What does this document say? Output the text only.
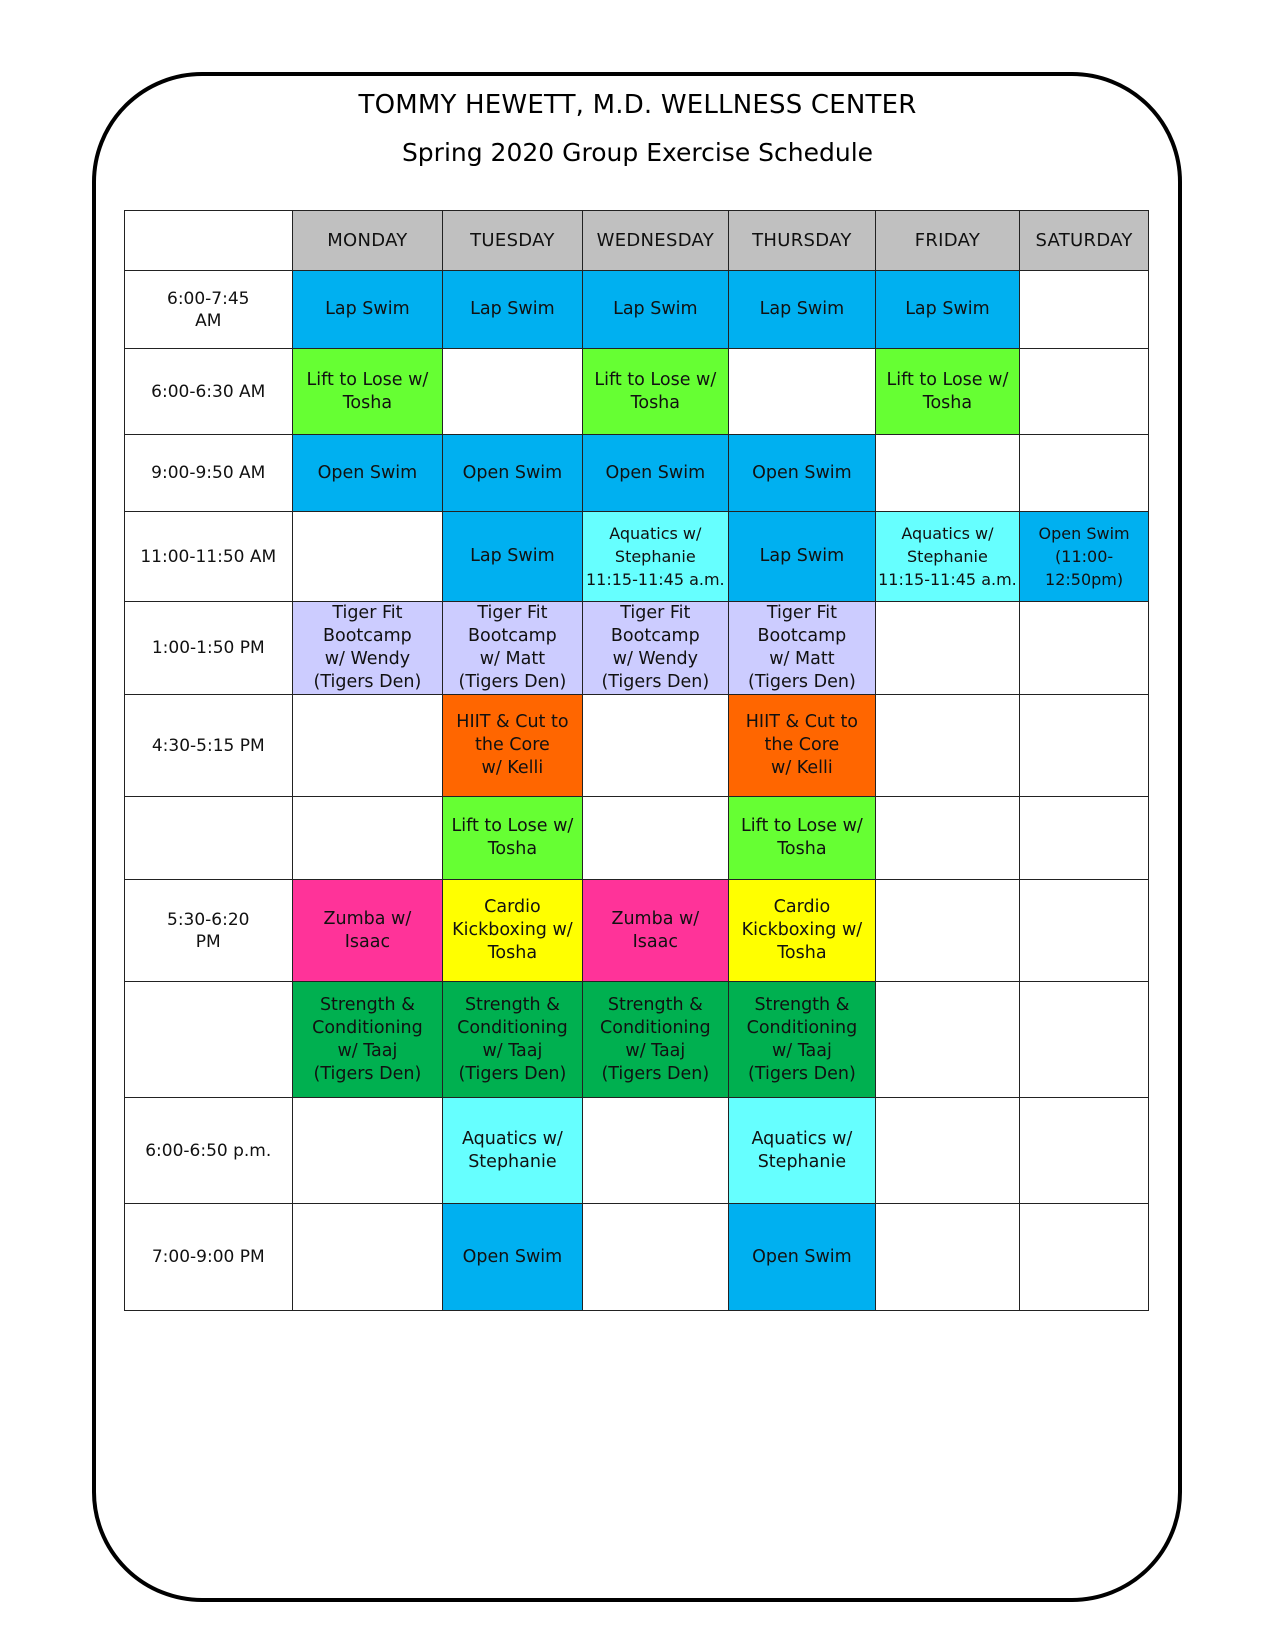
TOMMY HEWETT, M.D. WELLNESS CENTER
Spring 2020 Group Exercise Schedule
	MONDAY	TUESDAY	WEDNESDAY	THURSDAY	FRIDAY	SATURDAY

6:00-7:45
AM	Lap Swim	Lap Swim	Lap Swim	Lap Swim	Lap Swim	

6:00-6:30 AM	Lift to Lose w/
Tosha		Lift to Lose w/
Tosha		Lift to Lose w/
Tosha	

9:00-9:50 AM	Open Swim	Open Swim	Open Swim	Open Swim		

11:00-11:50 AM		Lap Swim	Aquatics w/
Stephanie
11:15-11:45 a.m.	Lap Swim	Aquatics w/
Stephanie
11:15-11:45 a.m.	Open Swim
(11:00-12:50pm)

1:00-1:50 PM	Tiger Fit
Bootcamp
w/ Wendy
(Tigers Den)	Tiger Fit
Bootcamp
w/ Matt
(Tigers Den)	Tiger Fit
Bootcamp
w/ Wendy
(Tigers Den)	Tiger Fit
Bootcamp
w/ Matt
(Tigers Den)		

4:30-5:15 PM		HIIT & Cut to
the Core
w/ Kelli		HIIT & Cut to
the Core
w/ Kelli		

		Lift to Lose w/
Tosha		Lift to Lose w/
Tosha		

5:30-6:20
PM	Zumba w/
Isaac	Cardio
Kickboxing w/
Tosha	Zumba w/
Isaac	Cardio
Kickboxing w/
Tosha		

	Strength &
Conditioning
w/ Taaj
(Tigers Den)	Strength &
Conditioning
w/ Taaj
(Tigers Den)	Strength &
Conditioning
w/ Taaj
(Tigers Den)	Strength &
Conditioning
w/ Taaj
(Tigers Den)		

6:00-6:50 p.m.		Aquatics w/
Stephanie		Aquatics w/
Stephanie		

7:00-9:00 PM		Open Swim		Open Swim		
